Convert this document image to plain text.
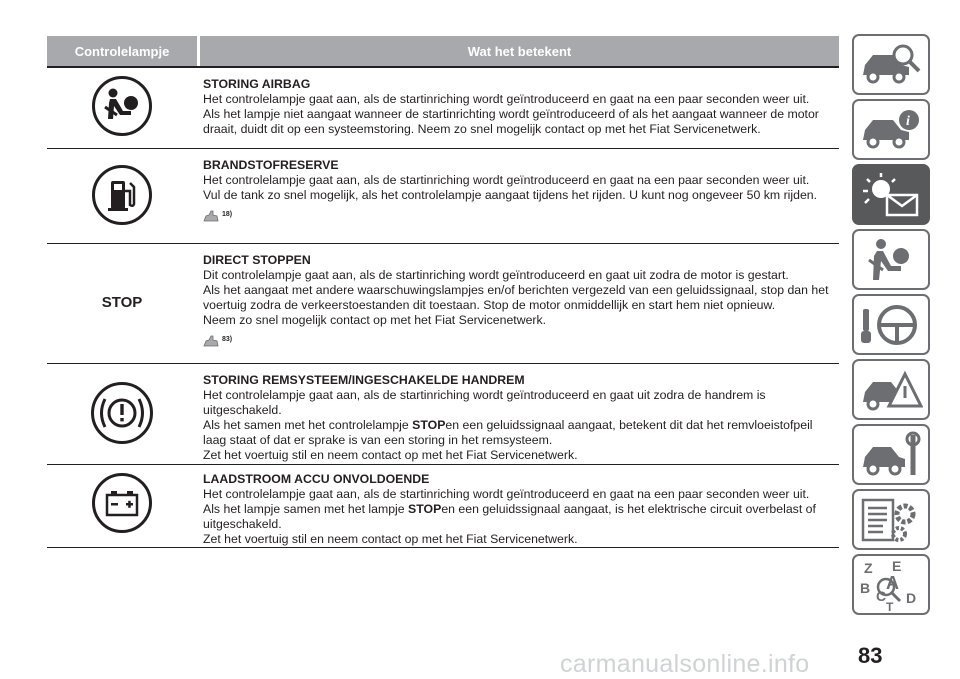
Controlelampje	Wat het betekent
STORING AIRBAG
Het controlelampje gaat aan, als de startinriching wordt geïntroduceerd en gaat na een paar seconden weer uit.
Als het lampje niet aangaat wanneer de startinrichting wordt geïntroduceerd of als het aangaat wanneer de motor draait, duidt dit op een systeemstoring. Neem zo snel mogelijk contact op met het Fiat Servicenetwerk.
BRANDSTOFRESERVE
Het controlelampje gaat aan, als de startinriching wordt geïntroduceerd en gaat na een paar seconden weer uit.
Vul de tank zo snel mogelijk, als het controlelampje aangaat tijdens het rijden. U kunt nog ongeveer 50 km rijden.
18)
STOP
DIRECT STOPPEN
Dit controlelampje gaat aan, als de startinriching wordt geïntroduceerd en gaat uit zodra de motor is gestart.
Als het aangaat met andere waarschuwingslampjes en/of berichten vergezeld van een geluidssignaal, stop dan het voertuig zodra de verkeerstoestanden dit toestaan. Stop de motor onmiddellijk en start hem niet opnieuw.
Neem zo snel mogelijk contact op met het Fiat Servicenetwerk.
83)
STORING REMSYSTEEM/INGESCHAKELDE HANDREM
Het controlelampje gaat aan, als de startinriching wordt geïntroduceerd en gaat uit zodra de handrem is uitgeschakeld.
Als het samen met het controlelampje STOPen een geluidssignaal aangaat, betekent dit dat het remvloeistofpeil laag staat of dat er sprake is van een storing in het remsysteem.
Zet het voertuig stil en neem contact op met het Fiat Servicenetwerk.
LAADSTROOM ACCU ONVOLDOENDE
Het controlelampje gaat aan, als de startinriching wordt geïntroduceerd en gaat na een paar seconden weer uit.
Als het lampje samen met het lampje STOPen een geluidssignaal aangaat, is het elektrische circuit overbelast of uitgeschakeld.
Zet het voertuig stil en neem contact op met het Fiat Servicenetwerk.
i
Z E
A
B C D
T
83
carmanualsonline.info
